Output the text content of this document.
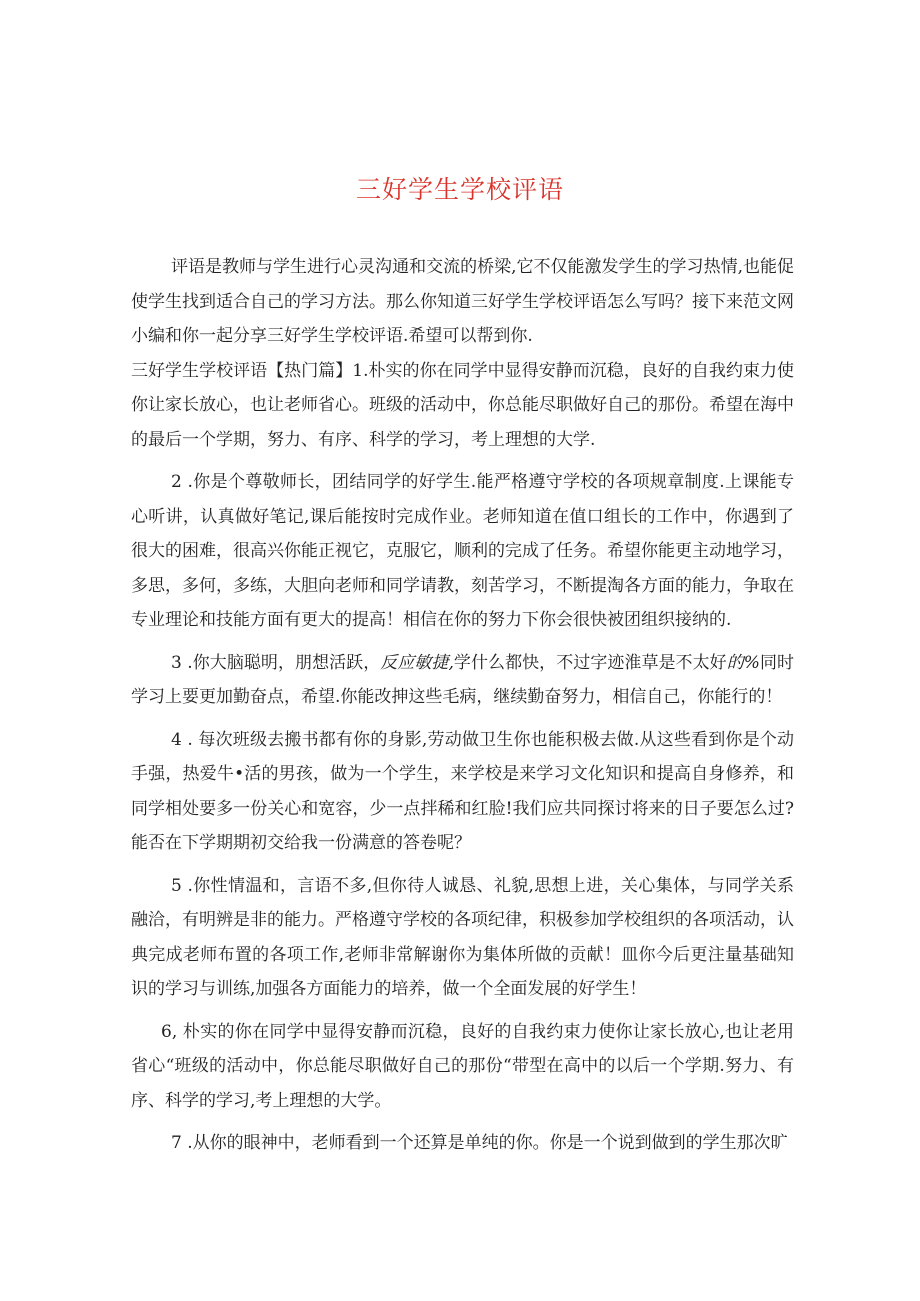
三好学生学校评语

评语是教师与学生进行心灵沟通和交流的桥梁,它不仅能激发学生的学习热情,也能促使学生找到适合自己的学习方法。那么你知道三好学生学校评语怎么写吗？接下来范文网小编和你一起分享三好学生学校评语.希望可以帮到你.

三好学生学校评语【热门篇】1.朴实的你在同学中显得安静而沉稳，良好的自我约束力使你让家长放心，也让老师省心。班级的活动中，你总能尽职做好自己的那份。希望在海中的最后一个学期，努力、有序、科学的学习，考上理想的大学.

2 .你是个尊敬师长，团结同学的好学生.能严格遵守学校的各项规章制度.上课能专心听讲，认真做好笔记,课后能按时完成作业。老师知道在值口组长的工作中，你遇到了很大的困难，很高兴你能正视它，克服它，顺利的完成了任务。希望你能更主动地学习，多思，多何，多练，大胆向老师和同学请教，刻苦学习，不断提淘各方面的能力，争取在专业理论和技能方面有更大的提高！相信在你的努力下你会很快被团组织接纳的.

3 .你大脑聪明，朋想活跃，反应敏捷,学什么都快，不过字迹淮草是不太好的%同时学习上要更加勤奋点，希望.你能改抻这些毛病，继续勤奋努力，相信自己，你能行的！

4 . 每次班级去搬书都有你的身影,劳动做卫生你也能积极去做.从这些看到你是个动手强，热爱牛•活的男孩，做为一个学生，来学校是来学习文化知识和提高自身修养，和同学相处要多一份关心和宽容，少一点拌稀和红脸!我们应共同探讨将来的日子要怎么过?能否在下学期期初交给我一份满意的答卷呢？

5 .你性情温和，言语不多,但你待人诚恳、礼貌,思想上进，关心集体，与同学关系融洽，有明辨是非的能力。严格遵守学校的各项纪律，积极参加学校组织的各项活动，认典完成老师布置的各项工作,老师非常解谢你为集体所做的贡献！皿你今后更注量基础知识的学习与训练,加强各方面能力的培养，做一个全面发展的好学生！

6, 朴实的你在同学中显得安静而沉稳，良好的自我约束力使你让家长放心,也让老用省心“班级的活动中，你总能尽职做好自己的那份“带型在高中的以后一个学期.努力、有序、科学的学习,考上理想的大学。

7 .从你的眼神中，老师看到一个还算是单纯的你。你是一个说到做到的学生那次旷
